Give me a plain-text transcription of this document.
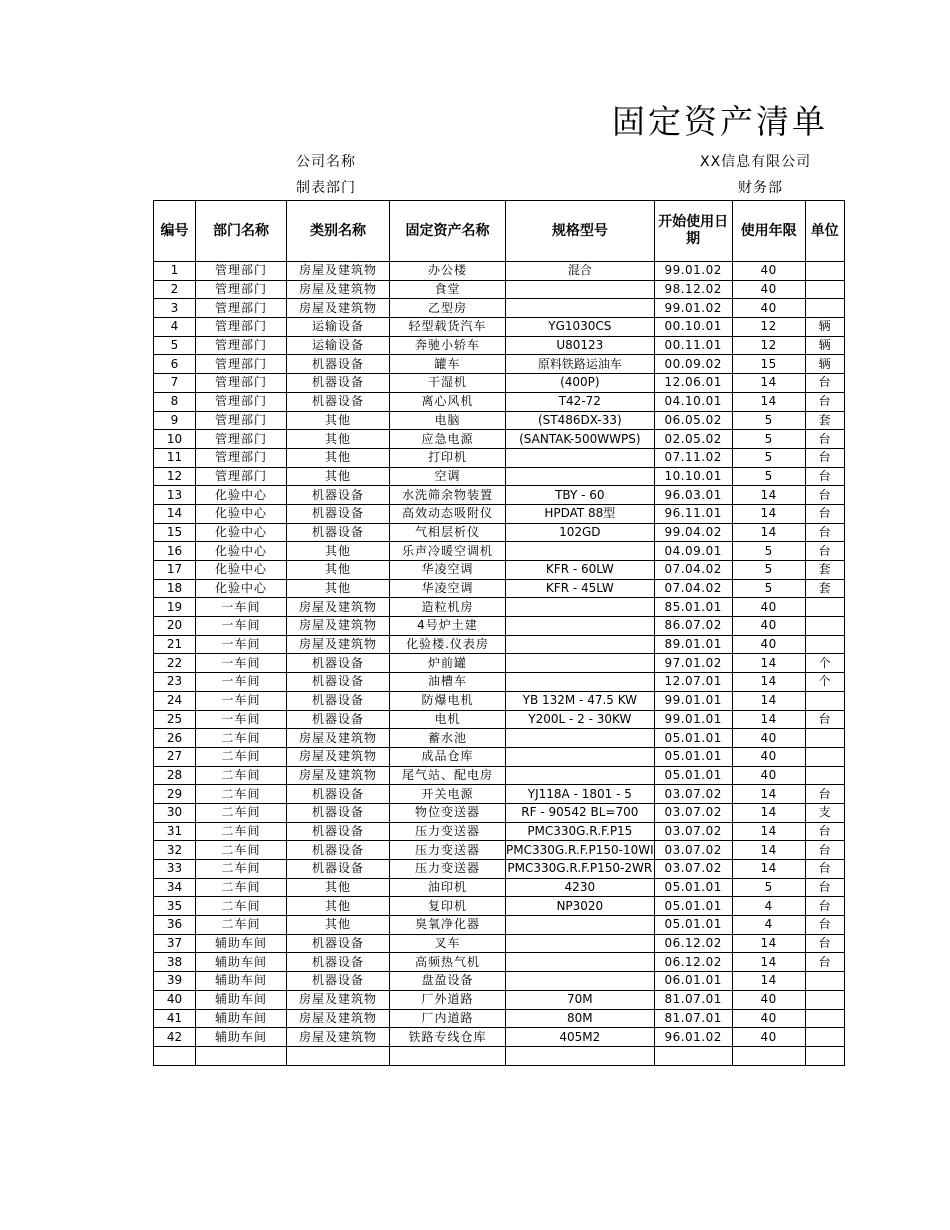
固定资产清单
公司名称	XX信息有限公司
制表部门	财务部
编号	部门名称	类别名称	固定资产名称	规格型号	开始使用日期	使用年限	单位
1	管理部门	房屋及建筑物	办公楼	混合	99.01.02	40	
2	管理部门	房屋及建筑物	食堂		98.12.02	40	
3	管理部门	房屋及建筑物	乙型房		99.01.02	40	
4	管理部门	运输设备	轻型载货汽车	YG1030CS	00.10.01	12	辆
5	管理部门	运输设备	奔驰小轿车	U80123	00.11.01	12	辆
6	管理部门	机器设备	罐车	原料铁路运油车	00.09.02	15	辆
7	管理部门	机器设备	干湿机	(400P)	12.06.01	14	台
8	管理部门	机器设备	离心风机	T42-72	04.10.01	14	台
9	管理部门	其他	电脑	(ST486DX-33)	06.05.02	5	套
10	管理部门	其他	应急电源	(SANTAK-500WWPS)	02.05.02	5	台
11	管理部门	其他	打印机		07.11.02	5	台
12	管理部门	其他	空调		10.10.01	5	台
13	化验中心	机器设备	水洗筛余物装置	TBY - 60	96.03.01	14	台
14	化验中心	机器设备	高效动态吸附仪	HPDAT 88型	96.11.01	14	台
15	化验中心	机器设备	气相层析仪	102GD	99.04.02	14	台
16	化验中心	其他	乐声冷暖空调机		04.09.01	5	台
17	化验中心	其他	华凌空调	KFR - 60LW	07.04.02	5	套
18	化验中心	其他	华凌空调	KFR - 45LW	07.04.02	5	套
19	一车间	房屋及建筑物	造粒机房		85.01.01	40	
20	一车间	房屋及建筑物	4号炉土建		86.07.02	40	
21	一车间	房屋及建筑物	化验楼.仪表房		89.01.01	40	
22	一车间	机器设备	炉前罐		97.01.02	14	个
23	一车间	机器设备	油槽车		12.07.01	14	个
24	一车间	机器设备	防爆电机	YB 132M - 47.5 KW	99.01.01	14	
25	一车间	机器设备	电机	Y200L - 2 - 30KW	99.01.01	14	台
26	二车间	房屋及建筑物	蓄水池		05.01.01	40	
27	二车间	房屋及建筑物	成品仓库		05.01.01	40	
28	二车间	房屋及建筑物	尾气站、配电房		05.01.01	40	
29	二车间	机器设备	开关电源	YJ118A - 1801 - 5	03.07.02	14	台
30	二车间	机器设备	物位变送器	RF - 90542 BL=700	03.07.02	14	支
31	二车间	机器设备	压力变送器	PMC330G.R.F.P15	03.07.02	14	台
32	二车间	机器设备	压力变送器	PMC330G.R.F.P150-10WI	03.07.02	14	台
33	二车间	机器设备	压力变送器	PMC330G.R.F.P150-2WR	03.07.02	14	台
34	二车间	其他	油印机	4230	05.01.01	5	台
35	二车间	其他	复印机	NP3020	05.01.01	4	台
36	二车间	其他	臭氧净化器		05.01.01	4	台
37	辅助车间	机器设备	叉车		06.12.02	14	台
38	辅助车间	机器设备	高频热气机		06.12.02	14	台
39	辅助车间	机器设备	盘盈设备		06.01.01	14	
40	辅助车间	房屋及建筑物	厂外道路	70M	81.07.01	40	
41	辅助车间	房屋及建筑物	厂内道路	80M	81.07.01	40	
42	辅助车间	房屋及建筑物	铁路专线仓库	405M2	96.01.02	40	
